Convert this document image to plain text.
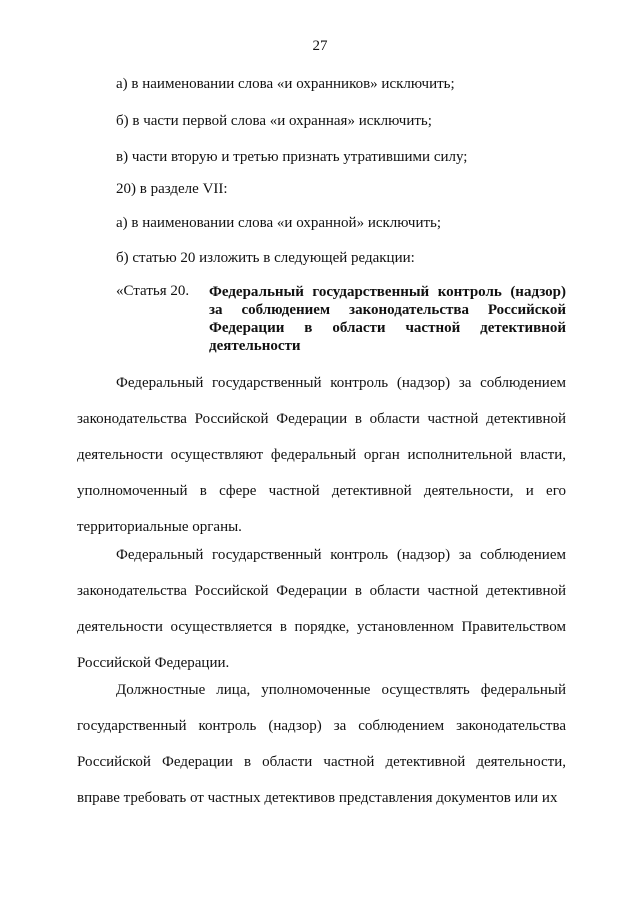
27
а) в наименовании слова «и охранников» исключить;
б) в части первой слова «и охранная» исключить;
в) части вторую и третью признать утратившими силу;
20) в разделе VII:
а) в наименовании слова «и охранной» исключить;
б) статью 20 изложить в следующей редакции:
«Статья 20. Федеральный государственный контроль (надзор) за соблюдением законодательства Российской Федерации в области частной детективной деятельности
Федеральный государственный контроль (надзор) за соблюдением законодательства Российской Федерации в области частной детективной деятельности осуществляют федеральный орган исполнительной власти, уполномоченный в сфере частной детективной деятельности, и его территориальные органы.
Федеральный государственный контроль (надзор) за соблюдением законодательства Российской Федерации в области частной детективной деятельности осуществляется в порядке, установленном Правительством Российской Федерации.
Должностные лица, уполномоченные осуществлять федеральный государственный контроль (надзор) за соблюдением законодательства Российской Федерации в области частной детективной деятельности, вправе требовать от частных детективов представления документов или их
